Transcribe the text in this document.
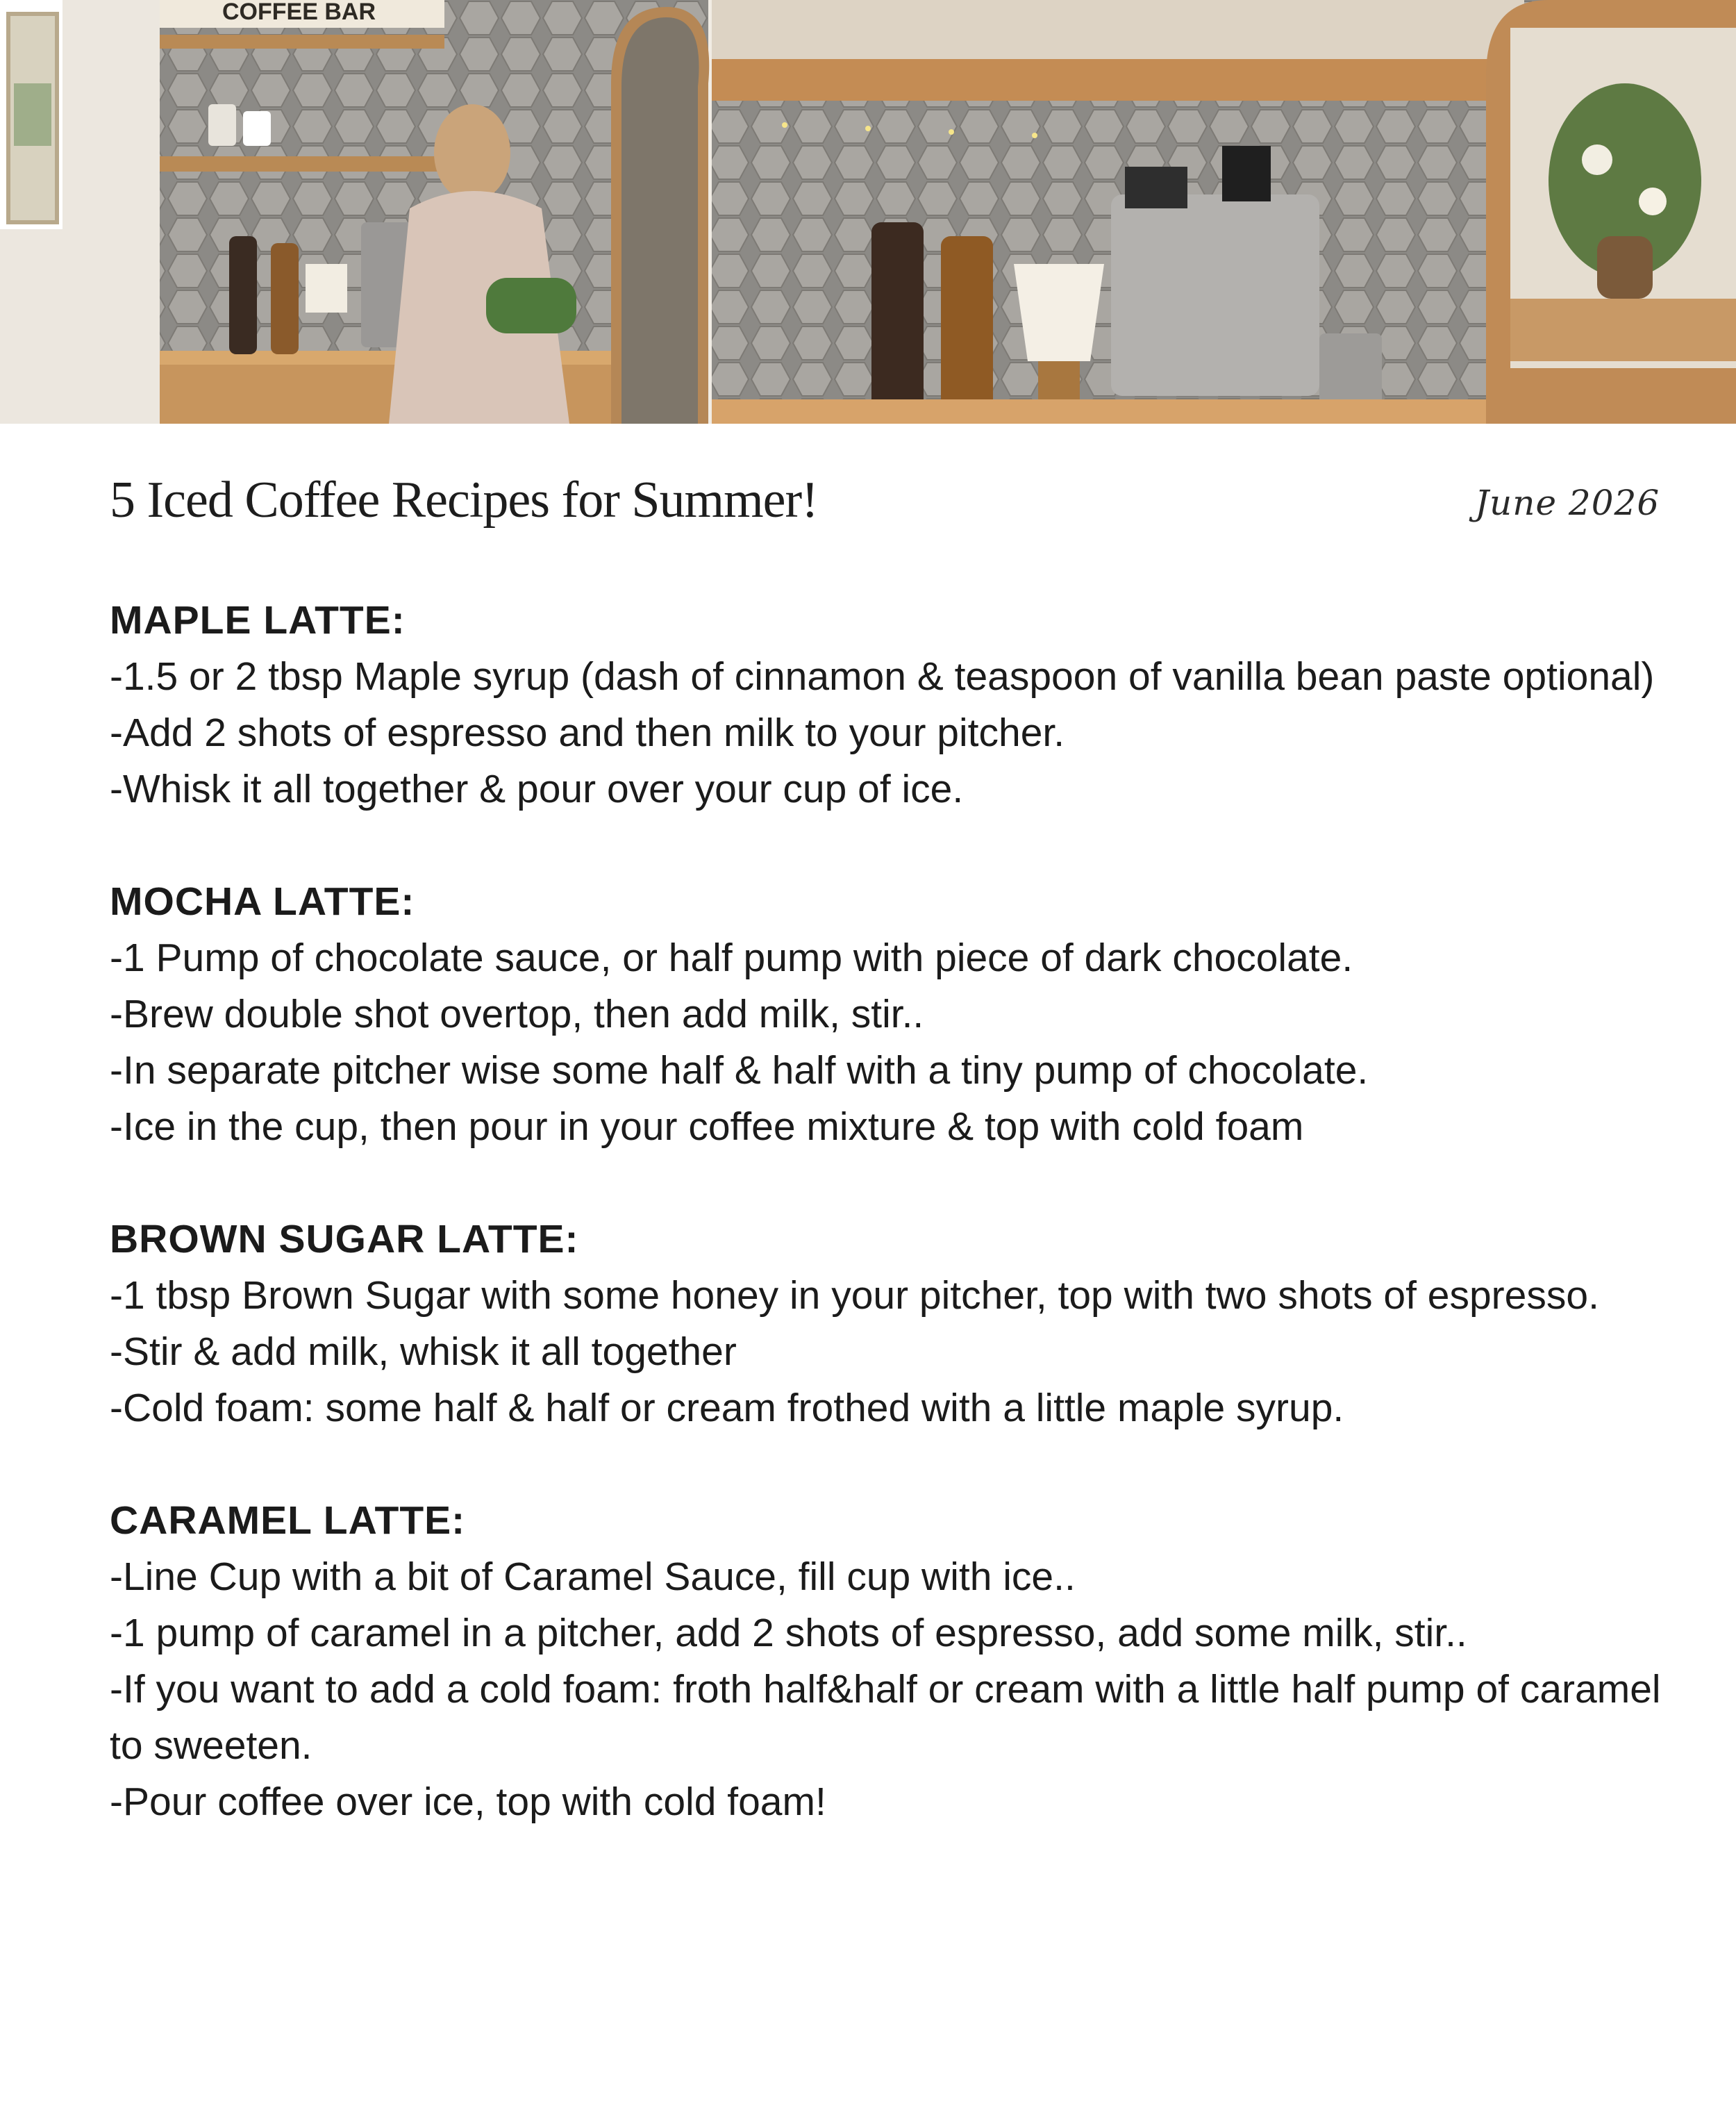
COFFEE BAR
5 Iced Coffee Recipes for Summer!	June 2026
MAPLE LATTE:
-1.5 or 2 tbsp Maple syrup (dash of cinnamon & teaspoon of vanilla bean paste optional)
-Add 2 shots of espresso and then milk to your pitcher.
-Whisk it all together & pour over your cup of ice.
MOCHA LATTE:
-1 Pump of chocolate sauce, or half pump with piece of dark chocolate.
-Brew double shot overtop, then add milk, stir..
-In separate pitcher wise some half & half with a tiny pump of chocolate.
-Ice in the cup, then pour in your coffee mixture & top with cold foam
BROWN SUGAR LATTE:
-1 tbsp Brown Sugar with some honey in your pitcher, top with two shots of espresso.
-Stir & add milk, whisk it all together
-Cold foam: some half & half or cream frothed with a little maple syrup.
CARAMEL LATTE:
-Line Cup with a bit of Caramel Sauce, fill cup with ice..
-1 pump of caramel in a pitcher, add 2 shots of espresso, add some milk, stir..
-If you want to add a cold foam: froth half&half or cream with a little half pump of caramel to sweeten.
-Pour coffee over ice, top with cold foam!
